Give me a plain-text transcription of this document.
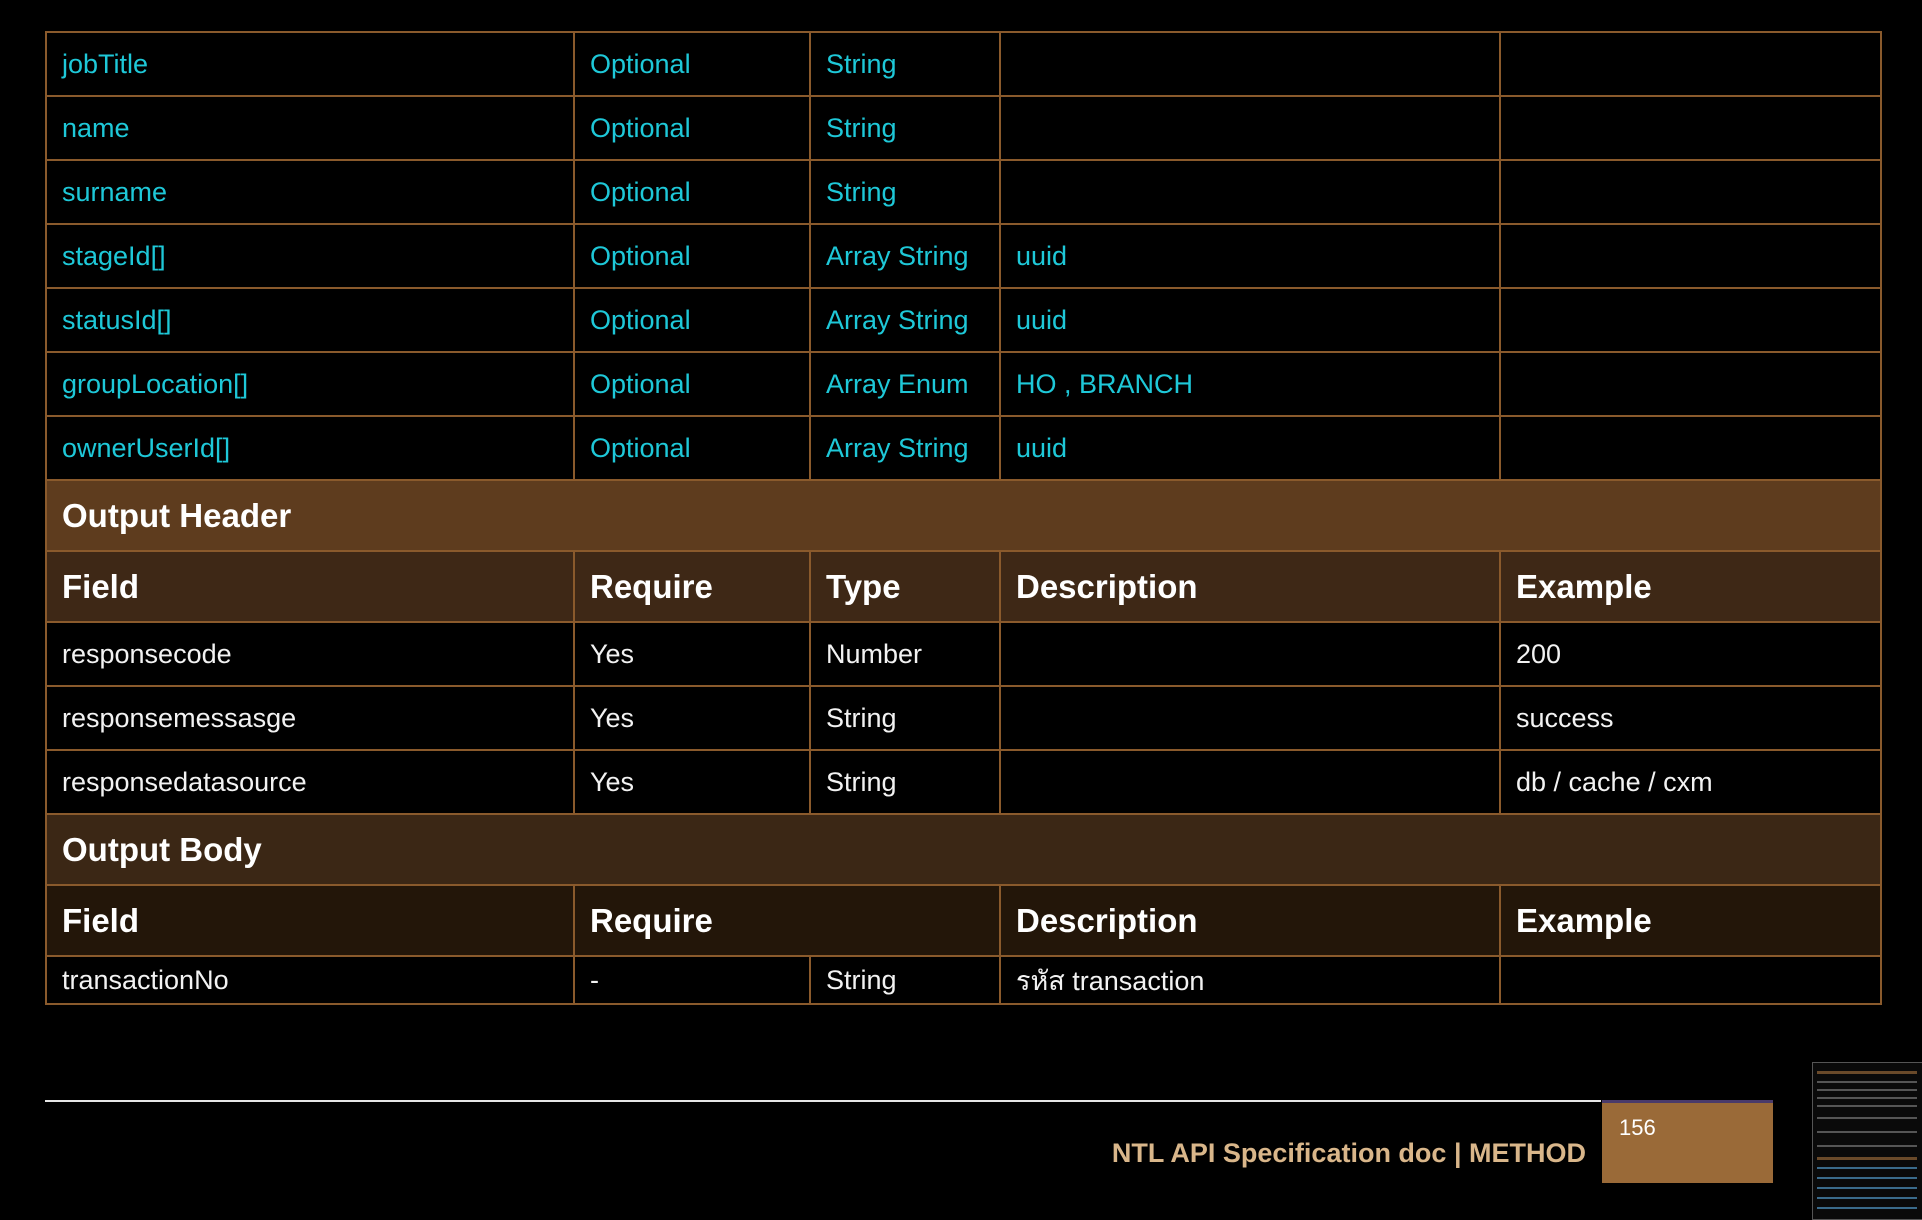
jobTitle	Optional	String		
name	Optional	String		
surname	Optional	String		
stageId[]	Optional	Array String	uuid	
statusId[]	Optional	Array String	uuid	
groupLocation[]	Optional	Array Enum	HO , BRANCH	
ownerUserId[]	Optional	Array String	uuid	
Output Header				
Field	Require	Type	Description	Example
responsecode	Yes	Number		200
responsemessasge	Yes	String		success
responsedatasource	Yes	String		db / cache / cxm
Output Body				
Field	Require		Description	Example
transactionNo	-	String	รหัส transaction	
NTL API Specification doc | METHOD
156
